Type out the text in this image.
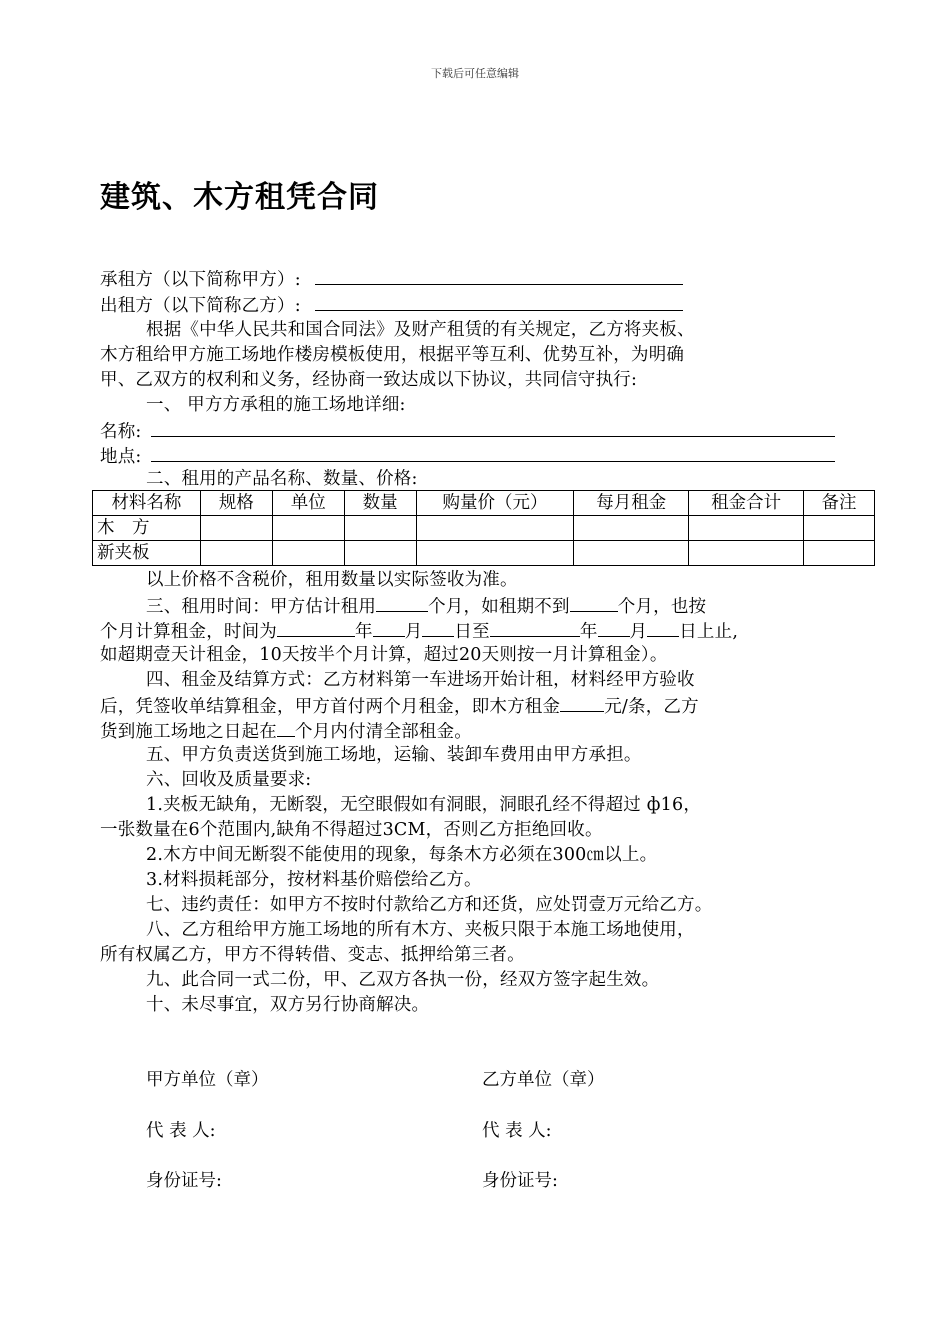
下载后可任意编辑
建筑、木方租凭合同
承租方（以下简称甲方）:
出租方（以下简称乙方）:
根据《中华人民共和国合同法》及财产租赁的有关规定，乙方将夹板、
木方租给甲方施工场地作楼房模板使用，根据平等互利、优势互补，为明确
甲、乙双方的权利和义务，经协商一致达成以下协议，共同信守执行:
一、 甲方方承租的施工场地详细:
名称:
地点:
二、租用的产品名称、数量、价格:
材料名称	规格	单位	数量	购量价（元）	每月租金	租金合计	备注
木　方							
新夹板							
以上价格不含税价，租用数量以实际签收为准。
三、租用时间：甲方估计租用	个月，如租期不到	个月，也按
个月计算租金，时间为	年 月 日至	年 月 日上止,
如超期壹天计租金，10天按半个月计算，超过20天则按一月计算租金）。
四、租金及结算方式：乙方材料第一车进场开始计租，材料经甲方验收
后，凭签收单结算租金，甲方首付两个月租金，即木方租金	元/条，乙方
货到施工场地之日起在 个月内付清全部租金。
五、甲方负责送货到施工场地，运输、装卸车费用由甲方承担。
六、回收及质量要求:
1.夹板无缺角，无断裂，无空眼假如有洞眼，洞眼孔经不得超过 ф16，
一张数量在6个范围内,缺角不得超过3CM，否则乙方拒绝回收。
2.木方中间无断裂不能使用的现象，每条木方必须在300㎝以上。
3.材料损耗部分，按材料基价赔偿给乙方。
七、违约责任：如甲方不按时付款给乙方和还货，应处罚壹万元给乙方。
八、乙方租给甲方施工场地的所有木方、夹板只限于本施工场地使用，
所有权属乙方，甲方不得转借、变志、抵押给第三者。
九、此合同一式二份，甲、乙双方各执一份，经双方签字起生效。
十、未尽事宜，双方另行协商解决。
甲方单位（章）	乙方单位（章）
代 表 人:	代 表 人:
身份证号:	身份证号:
